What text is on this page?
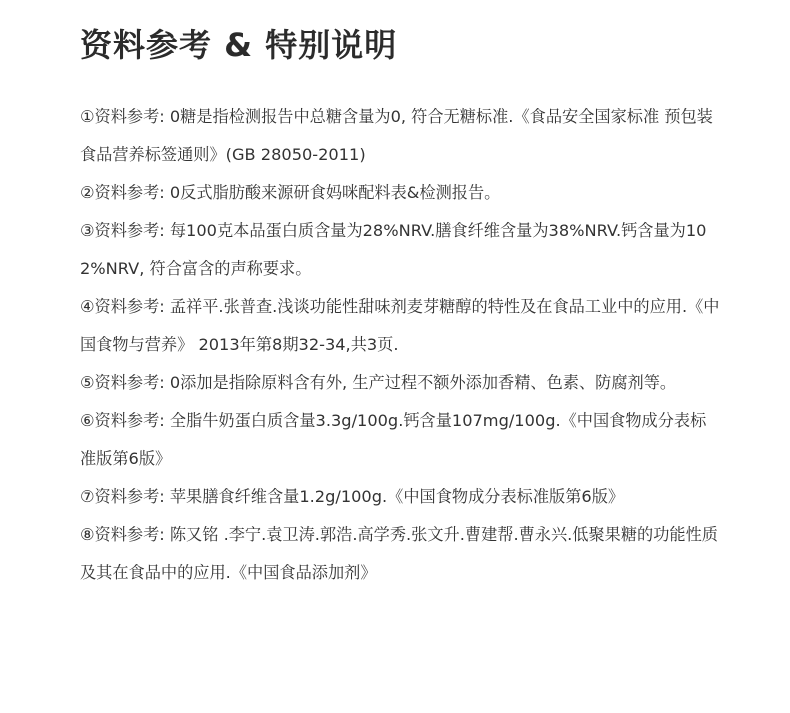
资料参考 & 特别说明
①资料参考: 0糖是指检测报告中总糖含量为0, 符合无糖标准.《食品安全国家标准 预包装食品营养标签通则》(GB 28050-2011)
②资料参考: 0反式脂肪酸来源研食妈咪配料表&检测报告。
③资料参考: 每100克本品蛋白质含量为28%NRV.膳食纤维含量为38%NRV.钙含量为102%NRV, 符合富含的声称要求。
④资料参考: 孟祥平.张普查.浅谈功能性甜味剂麦芽糖醇的特性及在食品工业中的应用.《中国食物与营养》 2013年第8期32-34,共3页.
⑤资料参考: 0添加是指除原料含有外, 生产过程不额外添加香精、色素、防腐剂等。
⑥资料参考: 全脂牛奶蛋白质含量3.3g/100g.钙含量107mg/100g.《中国食物成分表标准版第6版》
⑦资料参考: 苹果膳食纤维含量1.2g/100g.《中国食物成分表标准版第6版》
⑧资料参考: 陈又铭 .李宁.袁卫涛.郭浩.高学秀.张文升.曹建帮.曹永兴.低聚果糖的功能性质及其在食品中的应用.《中国食品添加剂》
